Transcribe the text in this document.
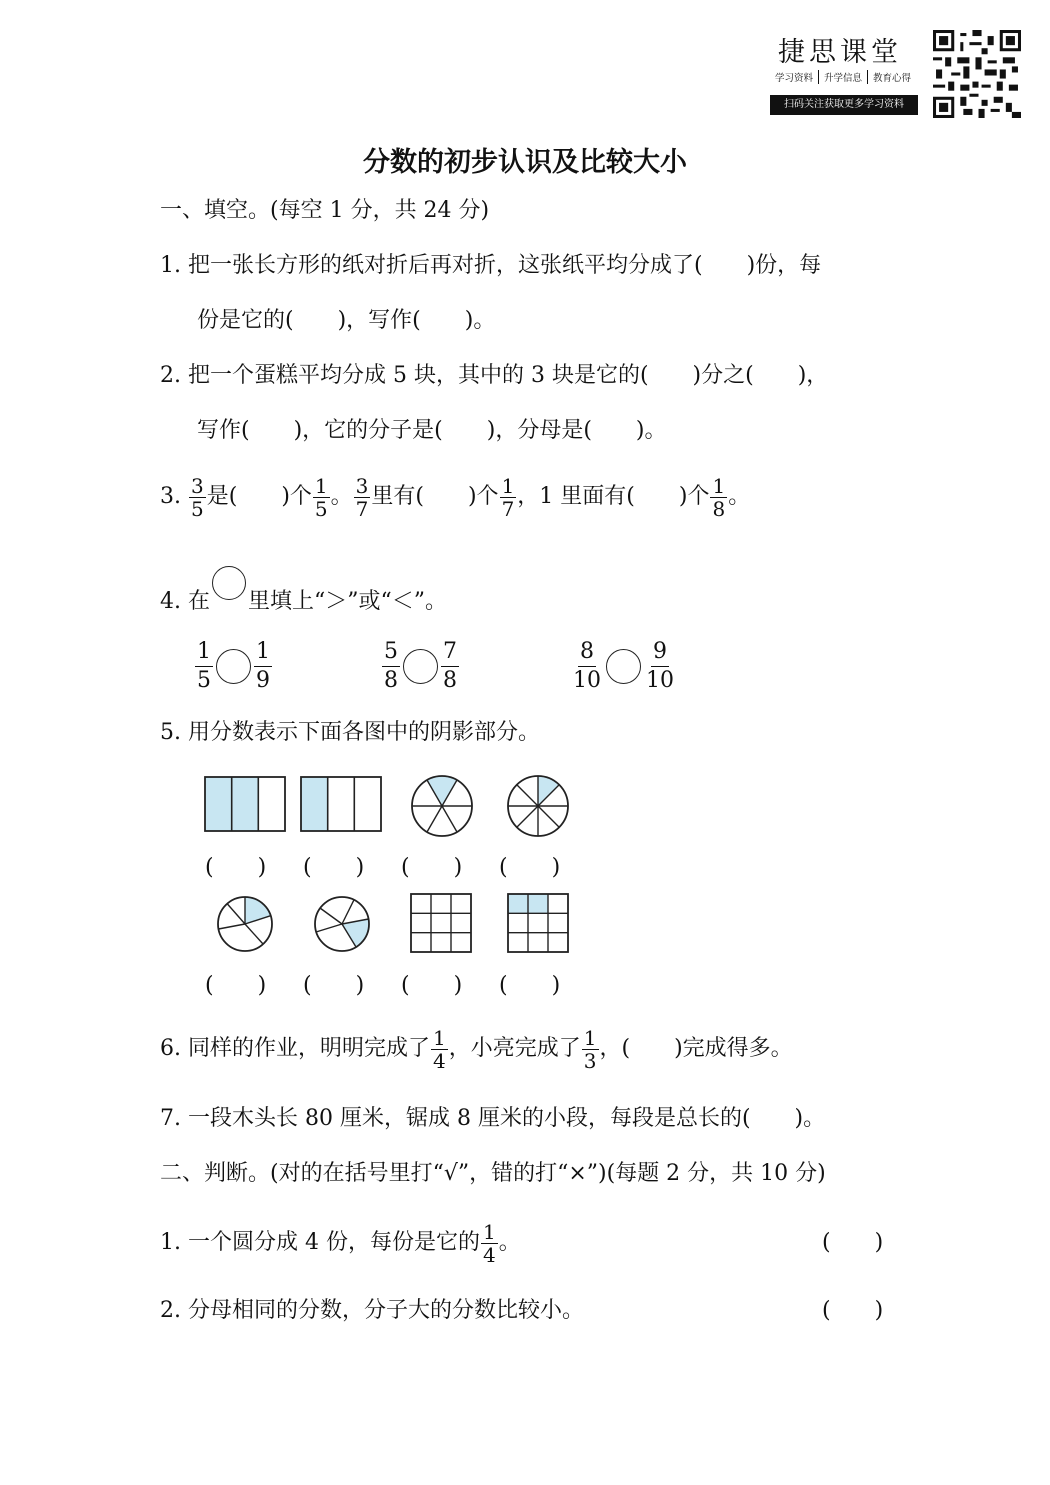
捷思课堂
学习资料 升学信息 教育心得
扫码关注获取更多学习资料
分数的初步认识及比较大小
一、填空。(每空 1 分，共 24 分)
1. 把一张长方形的纸对折后再对折，这张纸平均分成了(　　)份，每
份是它的(　　)，写作(　　)。
2. 把一个蛋糕平均分成 5 块，其中的 3 块是它的(　　)分之(　　)，
写作(　　)，它的分子是(　　)，分母是(　　)。
3. $\frac{3}{5}$ 是(　　)个 $\frac{1}{5}$ 。 $\frac{3}{7}$ 里有(　　)个 $\frac{1}{7}$ ，1 里面有(　　)个 $\frac{1}{8}$ 。
4. 在 里填上“＞”或“＜”。
$\frac{1}{5} \frac{1}{9}$	$\frac{5}{8} \frac{7}{8}$	$\frac{8}{10} \frac{9}{10}$
5. 用分数表示下面各图中的阴影部分。
(　　) (　　) (　　) (　　)
(　　) (　　) (　　) (　　)
6. 同样的作业，明明完成了 $\frac{1}{4}$ ，小亮完成了 $\frac{1}{3}$ ，(　　)完成得多。
7. 一段木头长 80 厘米，锯成 8 厘米的小段，每段是总长的(　　)。
二、判断。(对的在括号里打“√”，错的打“×”)(每题 2 分，共 10 分)
1. 一个圆分成 4 份，每份是它的 $\frac{1}{4}$ 。	(　　)
2. 分母相同的分数，分子大的分数比较小。	(　　)
